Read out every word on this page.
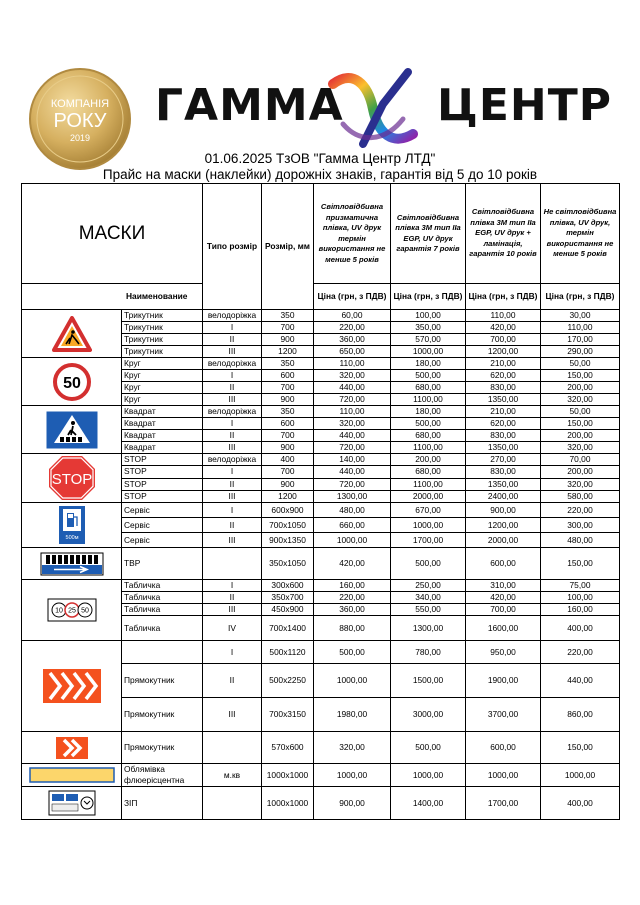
КОМПАНІЯ
РОКУ
2019
ГАММА ЦЕНТР
01.06.2025 ТзОВ "Гамма Центр ЛТД"
Прайс на маски (наклейки) дорожніх знаків, гарантія від 5 до 10 років
МАСКИ		Типо розмір	Розмір, мм	Світловідбивна призматична плівка, UV друк термін використання не менше 5 років	Світловідбивна плівка 3М тип IIa EGP, UV друк гарантія 7 років	Світловідбивна плівка 3М тип IIa EGP, UV друк + ламінація, гарантія 10 років	Не світловідбивна плівка, UV друк, термін використання не менше 5 років
Наименование				Ціна (грн, з ПДВ)	Ціна (грн, з ПДВ)	Ціна (грн, з ПДВ)	Ціна (грн, з ПДВ)

	Трикутник	велодоріжка	350	60,00	100,00	110,00	30,00
	Трикутник	I	700	220,00	350,00	420,00	110,00
	Трикутник	II	900	360,00	570,00	700,00	170,00
	Трикутник	III	1200	650,00	1000,00	1200,00	290,00

50	Круг	велодоріжка	350	110,00	180,00	210,00	50,00
	Круг	I	600	320,00	500,00	620,00	150,00
	Круг	II	700	440,00	680,00	830,00	200,00
	Круг	III	900	720,00	1100,00	1350,00	320,00

	Квадрат	велодоріжка	350	110,00	180,00	210,00	50,00
	Квадрат	I	600	320,00	500,00	620,00	150,00
	Квадрат	II	700	440,00	680,00	830,00	200,00
	Квадрат	III	900	720,00	1100,00	1350,00	320,00

STOP	STOP	велодоріжка	400	140,00	200,00	270,00	70,00
	STOP	I	700	440,00	680,00	830,00	200,00
	STOP	II	900	720,00	1100,00	1350,00	320,00
	STOP	III	1200	1300,00	2000,00	2400,00	580,00

500м	Сервіс	I	600x900	480,00	670,00	900,00	220,00
	Сервіс	II	700x1050	660,00	1000,00	1200,00	300,00
	Сервіс	III	900x1350	1000,00	1700,00	2000,00	480,00

	ТВР		350x1050	420,00	500,00	600,00	150,00

10 25 50	Табличка	I	300x600	160,00	250,00	310,00	75,00
	Табличка	II	350x700	220,00	340,00	420,00	100,00
	Табличка	III	450x900	360,00	550,00	700,00	160,00
	Табличка	IV	700x1400	880,00	1300,00	1600,00	400,00

		I	500x1120	500,00	780,00	950,00	220,00
	Прямокутник	II	500x2250	1000,00	1500,00	1900,00	440,00
	Прямокутник	III	700x3150	1980,00	3000,00	3700,00	860,00

	Прямокутник		570x600	320,00	500,00	600,00	150,00

	Облямівка флюерісцентна	м.кв	1000x1000	1000,00	1000,00	1000,00	1000,00

	ЗІП		1000x1000	900,00	1400,00	1700,00	400,00
